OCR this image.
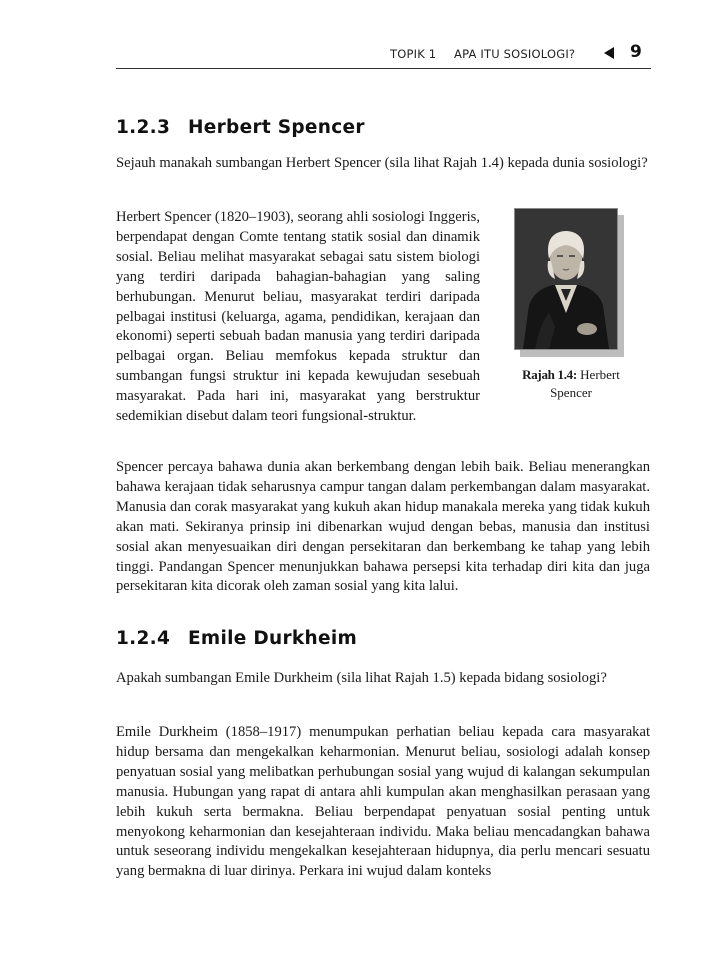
TOPIK 1 APA ITU SOSIOLOGI?	9
1.2.3 Herbert Spencer

Sejauh manakah sumbangan Herbert Spencer (sila lihat Rajah 1.4) kepada dunia sosiologi?

Herbert Spencer (1820–1903), seorang ahli sosiologi Inggeris, berpendapat dengan Comte tentang statik sosial dan dinamik sosial. Beliau melihat masyarakat sebagai satu sistem biologi yang terdiri daripada bahagian-bahagian yang saling berhubungan. Menurut beliau, masyarakat terdiri daripada pelbagai institusi (keluarga, agama, pendidikan, kerajaan dan ekonomi) seperti sebuah badan manusia yang terdiri daripada pelbagai organ. Beliau memfokus kepada struktur dan sumbangan fungsi struktur ini kepada kewujudan sesebuah masyarakat. Pada hari ini, masyarakat yang berstruktur sedemikian disebut dalam teori fungsional-struktur.

Rajah 1.4: Herbert Spencer

Spencer percaya bahawa dunia akan berkembang dengan lebih baik. Beliau menerangkan bahawa kerajaan tidak seharusnya campur tangan dalam perkembangan dalam masyarakat. Manusia dan corak masyarakat yang kukuh akan hidup manakala mereka yang tidak kukuh akan mati. Sekiranya prinsip ini dibenarkan wujud dengan bebas, manusia dan institusi sosial akan menyesuaikan diri dengan persekitaran dan berkembang ke tahap yang lebih tinggi. Pandangan Spencer menunjukkan bahawa persepsi kita terhadap diri kita dan juga persekitaran kita dicorak oleh zaman sosial yang kita lalui.

1.2.4 Emile Durkheim

Apakah sumbangan Emile Durkheim (sila lihat Rajah 1.5) kepada bidang sosiologi?

Emile Durkheim (1858–1917) menumpukan perhatian beliau kepada cara masyarakat hidup bersama dan mengekalkan keharmonian. Menurut beliau, sosiologi adalah konsep penyatuan sosial yang melibatkan perhubungan sosial yang wujud di kalangan sekumpulan manusia. Hubungan yang rapat di antara ahli kumpulan akan menghasilkan perasaan yang lebih kukuh serta bermakna. Beliau berpendapat penyatuan sosial penting untuk menyokong keharmonian dan kesejahteraan individu. Maka beliau mencadangkan bahawa untuk seseorang individu mengekalkan kesejahteraan hidupnya, dia perlu mencari sesuatu yang bermakna di luar dirinya. Perkara ini wujud dalam konteks
